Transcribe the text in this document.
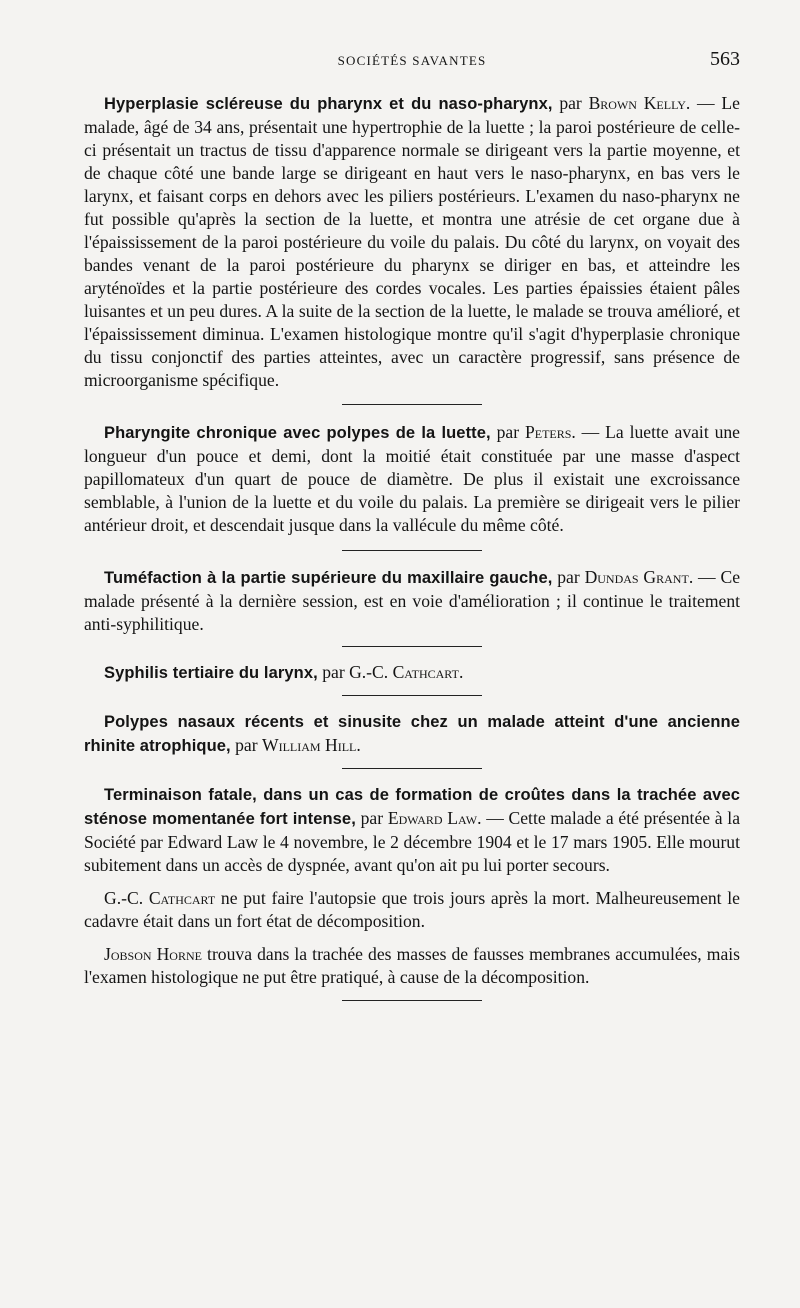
SOCIÉTÉS SAVANTES	563

Hyperplasie scléreuse du pharynx et du naso-pharynx, par Brown Kelly. — Le malade, âgé de 34 ans, présentait une hypertrophie de la luette ; la paroi postérieure de celle-ci présentait un tractus de tissu d'apparence normale se dirigeant vers la partie moyenne, et de chaque côté une bande large se dirigeant en haut vers le naso-pharynx, en bas vers le larynx, et faisant corps en dehors avec les piliers postérieurs. L'examen du naso-pharynx ne fut possible qu'après la section de la luette, et montra une atrésie de cet organe due à l'épaississement de la paroi postérieure du voile du palais. Du côté du larynx, on voyait des bandes venant de la paroi postérieure du pharynx se diriger en bas, et atteindre les aryténoïdes et la partie postérieure des cordes vocales. Les parties épaissies étaient pâles luisantes et un peu dures. A la suite de la section de la luette, le malade se trouva amélioré, et l'épaississement diminua. L'examen histologique montre qu'il s'agit d'hyperplasie chronique du tissu conjonctif des parties atteintes, avec un caractère progressif, sans présence de microorganisme spécifique.

Pharyngite chronique avec polypes de la luette, par Peters. — La luette avait une longueur d'un pouce et demi, dont la moitié était constituée par une masse d'aspect papillomateux d'un quart de pouce de diamètre. De plus il existait une excroissance semblable, à l'union de la luette et du voile du palais. La première se dirigeait vers le pilier antérieur droit, et descendait jusque dans la vallécule du même côté.

Tuméfaction à la partie supérieure du maxillaire gauche, par Dundas Grant. — Ce malade présenté à la dernière session, est en voie d'amélioration ; il continue le traitement anti-syphilitique.

Syphilis tertiaire du larynx, par G.-C. Cathcart.

Polypes nasaux récents et sinusite chez un malade atteint d'une ancienne rhinite atrophique, par William Hill.

Terminaison fatale, dans un cas de formation de croûtes dans la trachée avec sténose momentanée fort intense, par Edward Law. — Cette malade a été présentée à la Société par Edward Law le 4 novembre, le 2 décembre 1904 et le 17 mars 1905. Elle mourut subitement dans un accès de dyspnée, avant qu'on ait pu lui porter secours.

G.-C. Cathcart ne put faire l'autopsie que trois jours après la mort. Malheureusement le cadavre était dans un fort état de décomposition.

Jobson Horne trouva dans la trachée des masses de fausses membranes accumulées, mais l'examen histologique ne put être pratiqué, à cause de la décomposition.
